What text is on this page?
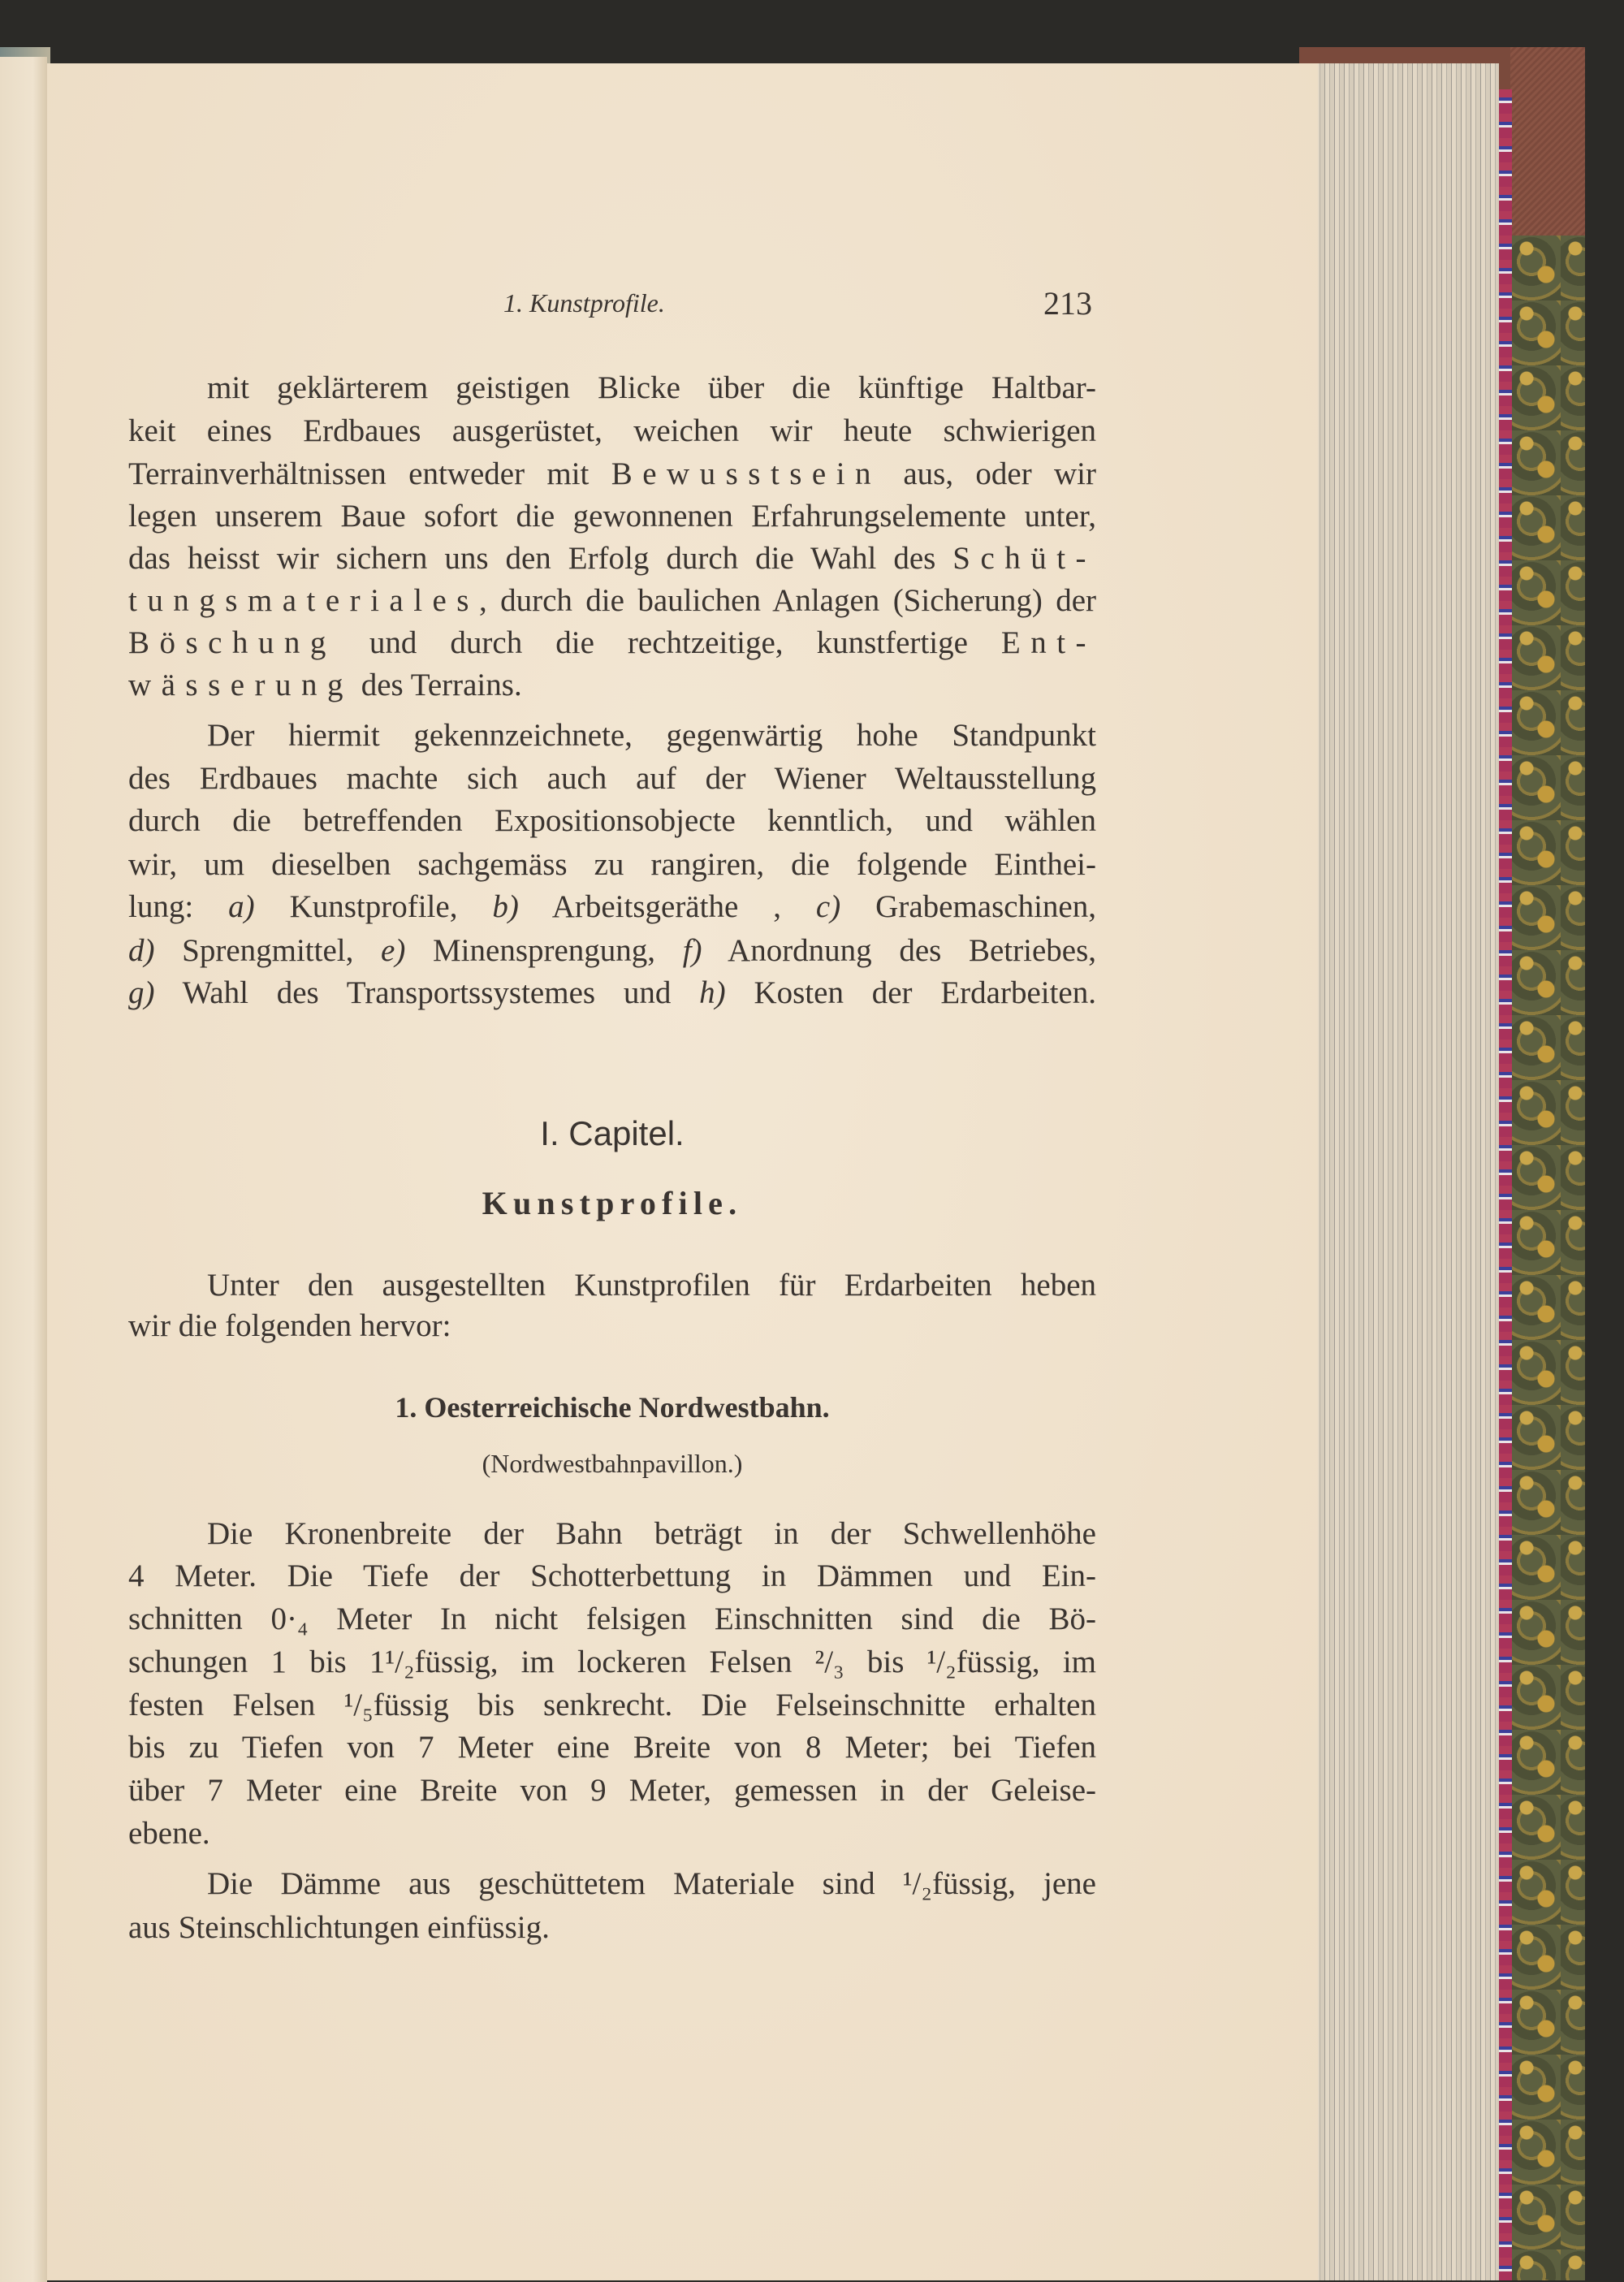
1. Kunstprofile.	213
I. Capitel.
Kunstprofile.
1. Oesterreichische Nordwestbahn.
(Nordwestbahnpavillon.)
mit geklärterem geistigen Blicke über die künftige Haltbar-
keit eines Erdbaues ausgerüstet, weichen wir heute schwierigen
Terrainverhältnissen entweder mit Bewusstsein aus, oder wir
legen unserem Baue sofort die gewonnenen Erfahrungselemente unter,
das heisst wir sichern uns den Erfolg durch die Wahl des Schüt-
tungsmateriales, durch die baulichen Anlagen (Sicherung) der
Böschung und durch die rechtzeitige, kunstfertige Ent-
wässerung des Terrains.
Der hiermit gekennzeichnete, gegenwärtig hohe Standpunkt
des Erdbaues machte sich auch auf der Wiener Weltausstellung
durch die betreffenden Expositionsobjecte kenntlich, und wählen
wir, um dieselben sachgemäss zu rangiren, die folgende Einthei-
lung: a) Kunstprofile, b) Arbeitsgeräthe , c) Grabemaschinen,
d) Sprengmittel, e) Minensprengung, f) Anordnung des Betriebes,
g) Wahl des Transportssystemes und h) Kosten der Erdarbeiten.
Unter den ausgestellten Kunstprofilen für Erdarbeiten heben
wir die folgenden hervor:
Die Kronenbreite der Bahn beträgt in der Schwellenhöhe
4 Meter. Die Tiefe der Schotterbettung in Dämmen und Ein-
schnitten 0·₄ Meter In nicht felsigen Einschnitten sind die Bö-
schungen 1 bis 1¹/₂füssig, im lockeren Felsen ²/₃ bis ¹/₂füssig, im
festen Felsen ¹/₅füssig bis senkrecht. Die Felseinschnitte erhalten
bis zu Tiefen von 7 Meter eine Breite von 8 Meter; bei Tiefen
über 7 Meter eine Breite von 9 Meter, gemessen in der Geleise-
ebene.
Die Dämme aus geschüttetem Materiale sind ¹/₂füssig, jene
aus Steinschlichtungen einfüssig.
